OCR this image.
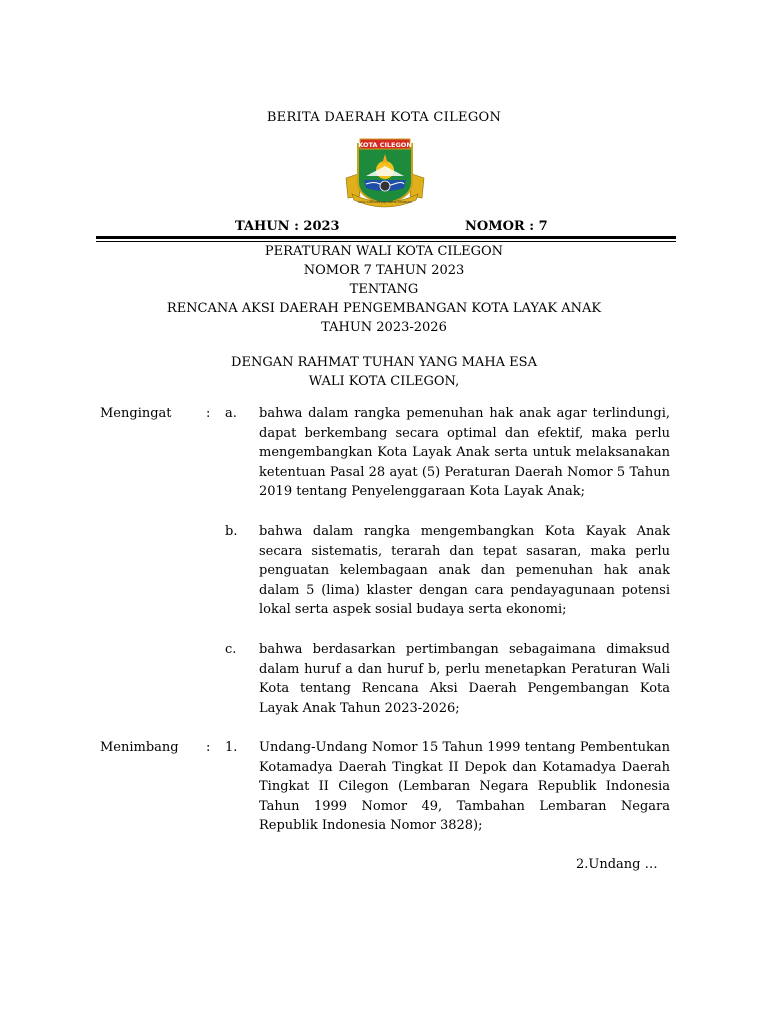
BERITA DAERAH KOTA CILEGON
KOTA CILEGON
KOTA CILEGON JAJA GRHA TAMBARA
TAHUN : 2023	NOMOR : 7
PERATURAN WALI KOTA CILEGON
NOMOR 7 TAHUN 2023
TENTANG
RENCANA AKSI DAERAH PENGEMBANGAN KOTA LAYAK ANAK
TAHUN 2023-2026
DENGAN RAHMAT TUHAN YANG MAHA ESA
WALI KOTA CILEGON,
Mengingat	: a. bahwa dalam rangka pemenuhan hak anak agar terlindungi, dapat berkembang secara optimal dan efektif, maka perlu mengembangkan Kota Layak Anak serta untuk melaksanakan ketentuan Pasal 28 ayat (5) Peraturan Daerah Nomor 5 Tahun 2019 tentang Penyelenggaraan Kota Layak Anak;
b. bahwa dalam rangka mengembangkan Kota Kayak Anak secara sistematis, terarah dan tepat sasaran, maka perlu penguatan kelembagaan anak dan pemenuhan hak anak dalam 5 (lima) klaster dengan cara pendayagunaan potensi lokal serta aspek sosial budaya serta ekonomi;
c. bahwa berdasarkan pertimbangan sebagaimana dimaksud dalam huruf a dan huruf b, perlu menetapkan Peraturan Wali Kota tentang Rencana Aksi Daerah Pengembangan Kota Layak Anak Tahun 2023-2026;
Menimbang : 1. Undang-Undang Nomor 15 Tahun 1999 tentang Pembentukan Kotamadya Daerah Tingkat II Depok dan Kotamadya Daerah Tingkat II Cilegon (Lembaran Negara Republik Indonesia Tahun 1999 Nomor 49, Tambahan Lembaran Negara Republik Indonesia Nomor 3828);
2.Undang …
